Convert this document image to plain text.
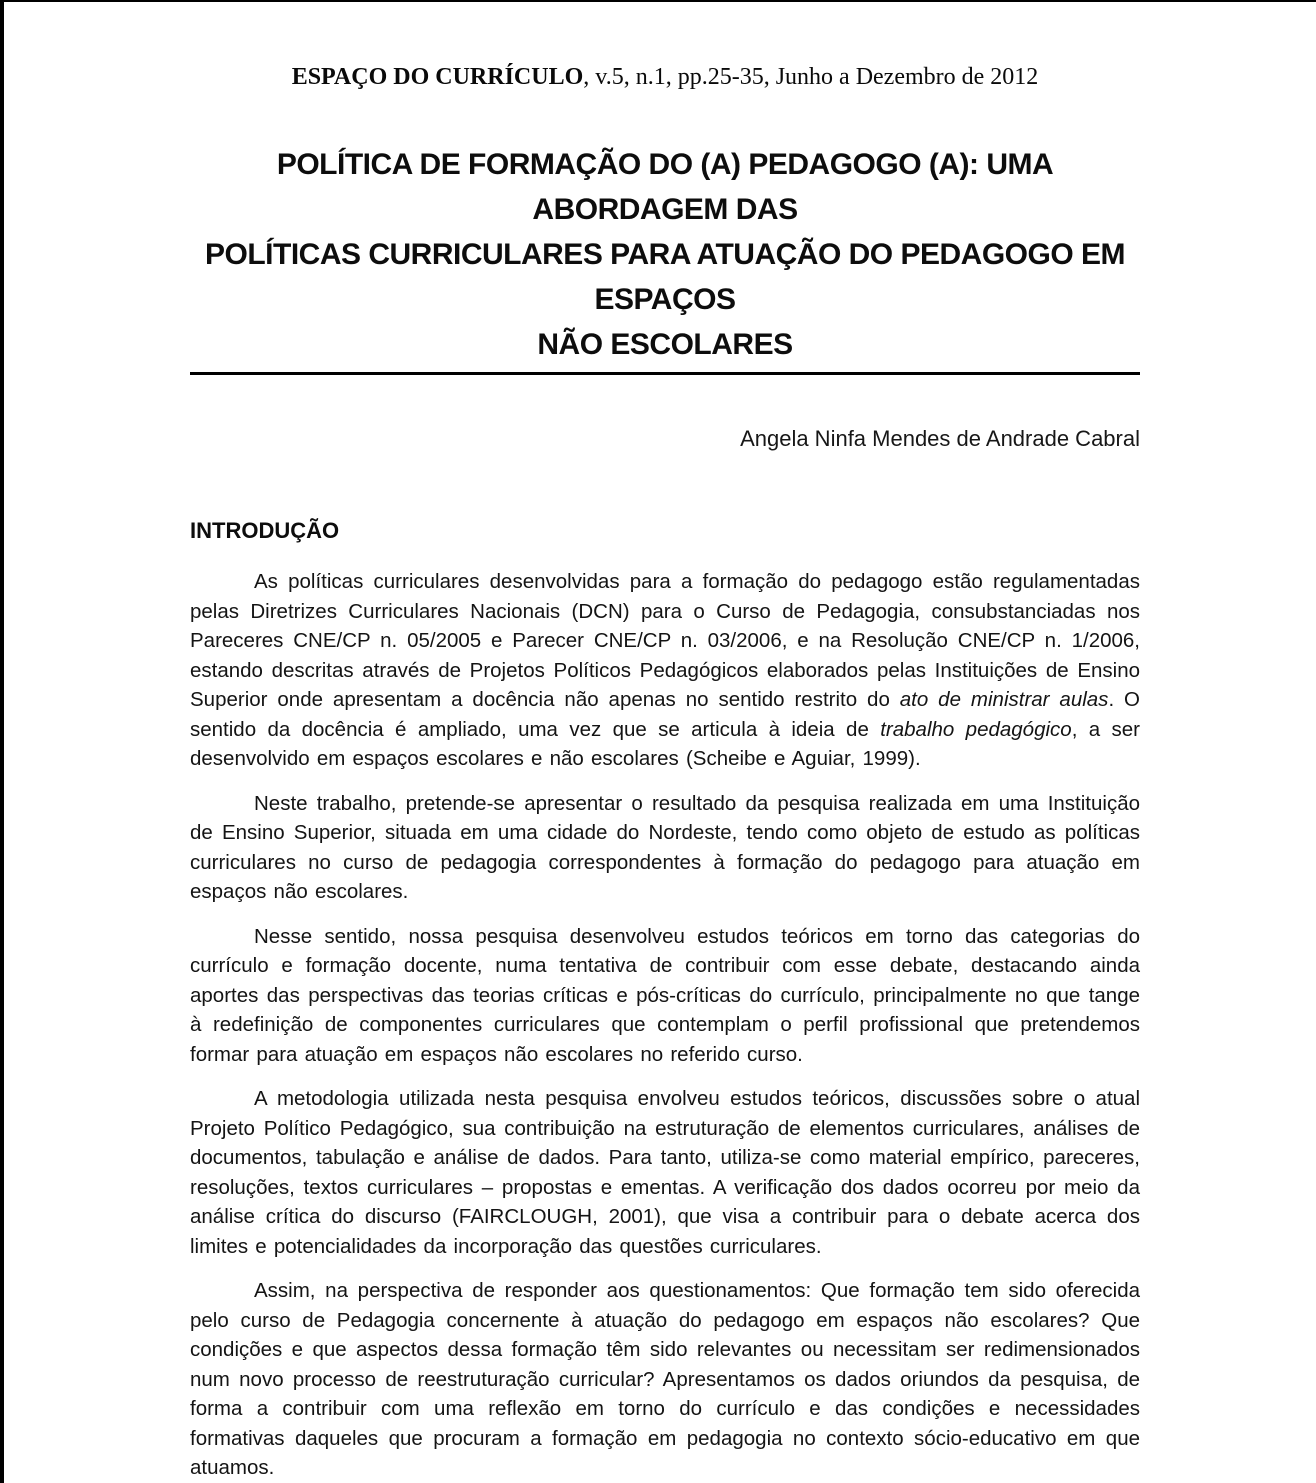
ESPAÇO DO CURRÍCULO, v.5, n.1, pp.25-35, Junho a Dezembro de 2012
POLÍTICA DE FORMAÇÃO DO (A) PEDAGOGO (A): UMA ABORDAGEM DAS
POLÍTICAS CURRICULARES PARA ATUAÇÃO DO PEDAGOGO EM ESPAÇOS
NÃO ESCOLARES
Angela Ninfa Mendes de Andrade Cabral
INTRODUÇÃO

As políticas curriculares desenvolvidas para a formação do pedagogo estão regulamentadas pelas Diretrizes Curriculares Nacionais (DCN) para o Curso de Pedagogia, consubstanciadas nos Pareceres CNE/CP n. 05/2005 e Parecer CNE/CP n. 03/2006, e na Resolução CNE/CP n. 1/2006, estando descritas através de Projetos Políticos Pedagógicos elaborados pelas Instituições de Ensino Superior onde apresentam a docência não apenas no sentido restrito do ato de ministrar aulas. O sentido da docência é ampliado, uma vez que se articula à ideia de trabalho pedagógico, a ser desenvolvido em espaços escolares e não escolares (Scheibe e Aguiar, 1999).

Neste trabalho, pretende-se apresentar o resultado da pesquisa realizada em uma Instituição de Ensino Superior, situada em uma cidade do Nordeste, tendo como objeto de estudo as políticas curriculares no curso de pedagogia correspondentes à formação do pedagogo para atuação em espaços não escolares.

Nesse sentido, nossa pesquisa desenvolveu estudos teóricos em torno das categorias do currículo e formação docente, numa tentativa de contribuir com esse debate, destacando ainda aportes das perspectivas das teorias críticas e pós-críticas do currículo, principalmente no que tange à redefinição de componentes curriculares que contemplam o perfil profissional que pretendemos formar para atuação em espaços não escolares no referido curso.

A metodologia utilizada nesta pesquisa envolveu estudos teóricos, discussões sobre o atual Projeto Político Pedagógico, sua contribuição na estruturação de elementos curriculares, análises de documentos, tabulação e análise de dados. Para tanto, utiliza-se como material empírico, pareceres, resoluções, textos curriculares – propostas e ementas. A verificação dos dados ocorreu por meio da análise crítica do discurso (FAIRCLOUGH, 2001), que visa a contribuir para o debate acerca dos limites e potencialidades da incorporação das questões curriculares.

Assim, na perspectiva de responder aos questionamentos: Que formação tem sido oferecida pelo curso de Pedagogia concernente à atuação do pedagogo em espaços não escolares? Que condições e que aspectos dessa formação têm sido relevantes ou necessitam ser redimensionados num novo processo de reestruturação curricular? Apresentamos os dados oriundos da pesquisa, de forma a contribuir com uma reflexão em torno do currículo e das condições e necessidades formativas daqueles que procuram a formação em pedagogia no contexto sócio-educativo em que atuamos.
